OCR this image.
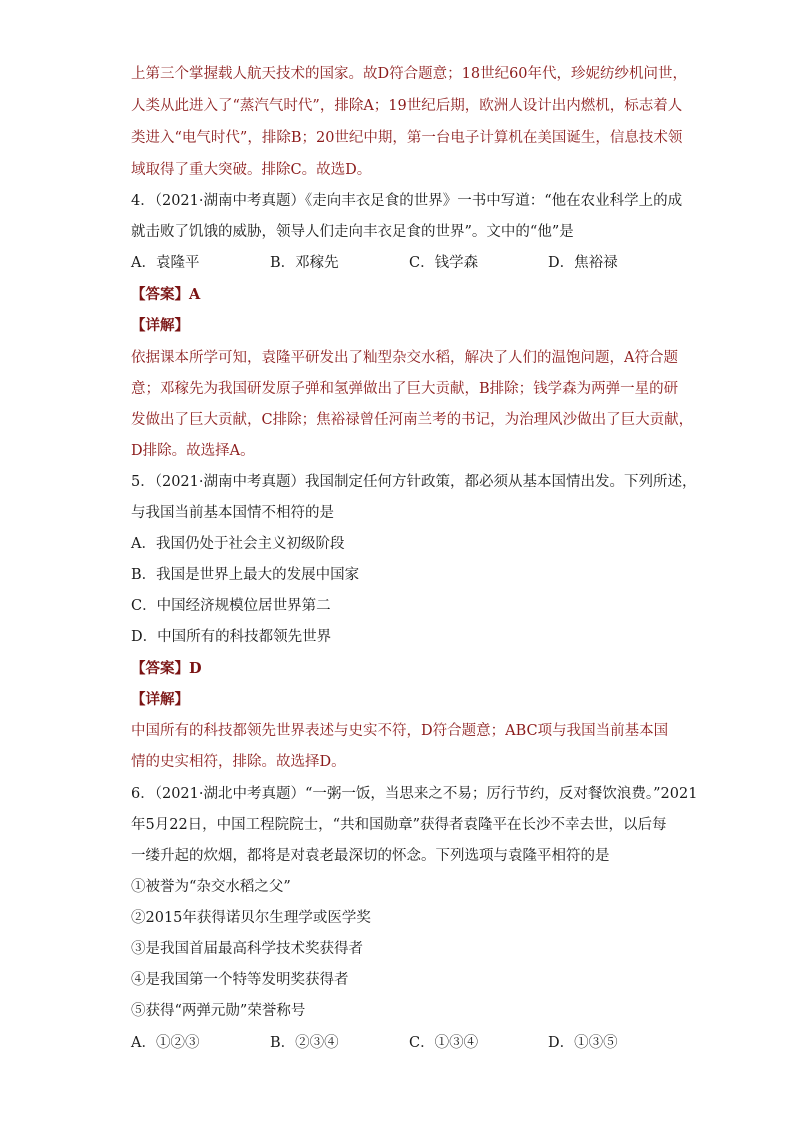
上第三个掌握载人航天技术的国家。故D符合题意；18世纪60年代，珍妮纺纱机问世，
人类从此进入了“蒸汽气时代”，排除A；19世纪后期，欧洲人设计出内燃机，标志着人
类进入“电气时代”，排除B；20世纪中期，第一台电子计算机在美国诞生，信息技术领
域取得了重大突破。排除C。故选D。
4．（2021·湖南中考真题）《走向丰衣足食的世界》一书中写道：“他在农业科学上的成
就击败了饥饿的威胁，领导人们走向丰衣足食的世界”。文中的“他”是
A．袁隆平	B．邓稼先	C．钱学森	D．焦裕禄
【答案】A
【详解】
依据课本所学可知，袁隆平研发出了籼型杂交水稻，解决了人们的温饱问题，A符合题
意；邓稼先为我国研发原子弹和氢弹做出了巨大贡献，B排除；钱学森为两弹一星的研
发做出了巨大贡献，C排除；焦裕禄曾任河南兰考的书记，为治理风沙做出了巨大贡献，
D排除。故选择A。
5．（2021·湖南中考真题）我国制定任何方针政策，都必须从基本国情出发。下列所述，
与我国当前基本国情不相符的是
A．我国仍处于社会主义初级阶段
B．我国是世界上最大的发展中国家
C．中国经济规模位居世界第二
D．中国所有的科技都领先世界
【答案】D
【详解】
中国所有的科技都领先世界表述与史实不符，D符合题意；ABC项与我国当前基本国
情的史实相符，排除。故选择D。
6．（2021·湖北中考真题）“一粥一饭，当思来之不易；厉行节约，反对餐饮浪费。”2021
年5月22日，中国工程院院士，“共和国勋章”获得者袁隆平在长沙不幸去世，以后每
一缕升起的炊烟，都将是对袁老最深切的怀念。下列选项与袁隆平相符的是
①被誉为“杂交水稻之父”
②2015年获得诺贝尔生理学或医学奖
③是我国首届最高科学技术奖获得者
④是我国第一个特等发明奖获得者
⑤获得“两弹元勋”荣誉称号
A．①②③	B．②③④	C．①③④	D．①③⑤
